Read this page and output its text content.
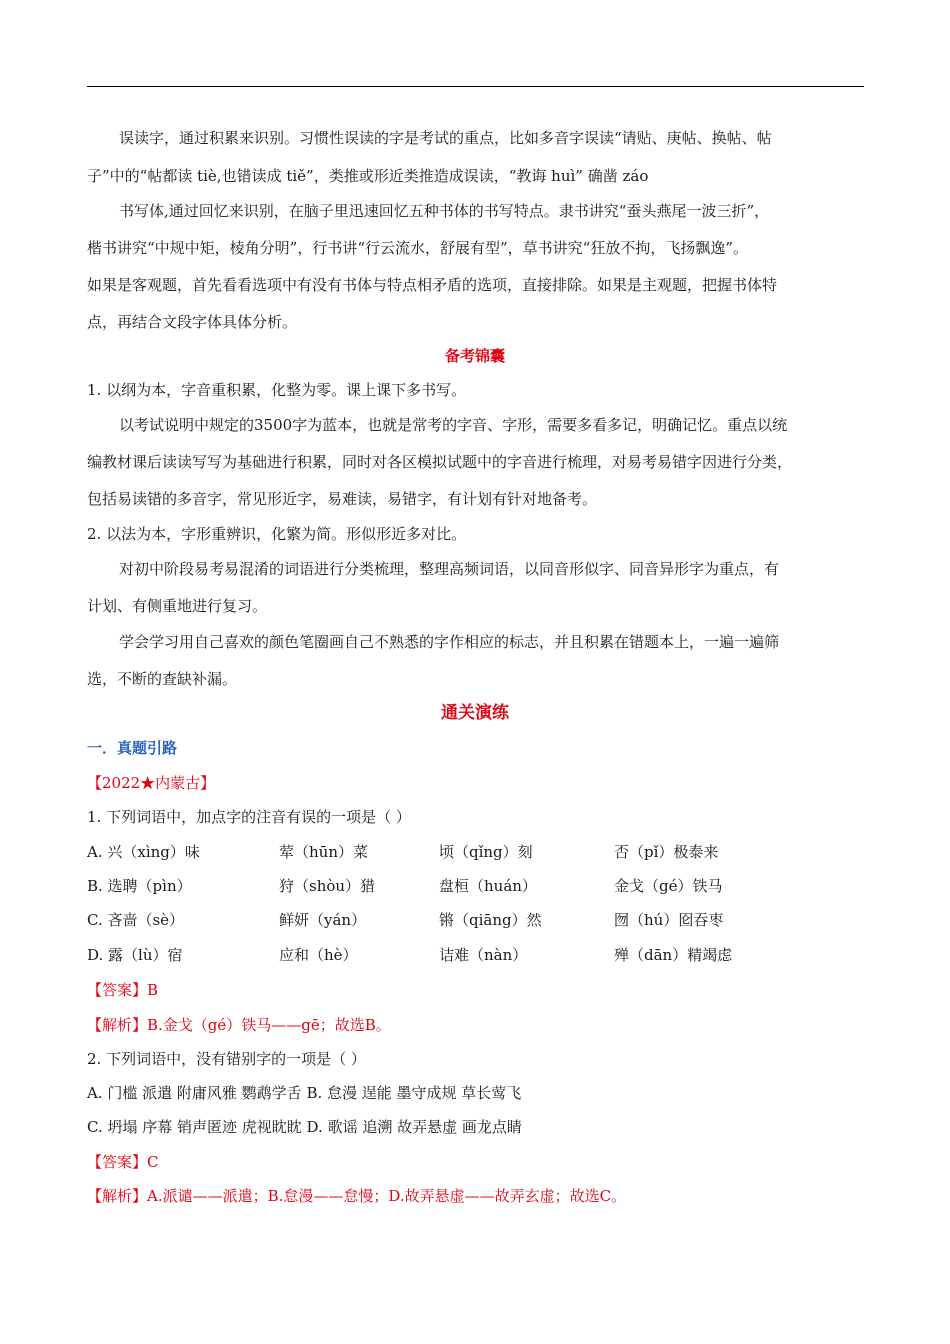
误读字，通过积累来识别。习惯性误读的字是考试的重点，比如多音字误读“请贴、庚帖、换帖、帖
子”中的“帖都读 tiè,也错读成 tiě”，类推或形近类推造成误读，“教诲 huì” 确凿 záo
书写体,通过回忆来识别，在脑子里迅速回忆五种书体的书写特点。隶书讲究“蚕头燕尾一波三折”，
楷书讲究“中规中矩，棱角分明”，行书讲“行云流水，舒展有型”，草书讲究“狂放不拘，飞扬飘逸”。
如果是客观题，首先看看选项中有没有书体与特点相矛盾的选项，直接排除。如果是主观题，把握书体特
点，再结合文段字体具体分析。
备考锦囊
1. 以纲为本，字音重积累，化整为零。课上课下多书写。
以考试说明中规定的3500字为蓝本，也就是常考的字音、字形，需要多看多记，明确记忆。重点以统
编教材课后读读写写为基础进行积累，同时对各区模拟试题中的字音进行梳理，对易考易错字因进行分类，
包括易读错的多音字，常见形近字，易难读，易错字，有计划有针对地备考。
2. 以法为本，字形重辨识，化繁为简。形似形近多对比。
对初中阶段易考易混淆的词语进行分类梳理，整理高频词语，以同音形似字、同音异形字为重点，有
计划、有侧重地进行复习。
学会学习用自己喜欢的颜色笔圈画自己不熟悉的字作相应的标志，并且积累在错题本上，一遍一遍筛
选，不断的查缺补漏。
通关演练
一．真题引路
【2022★内蒙古】
1. 下列词语中，加点字的注音有误的一项是（ ）
A. 兴（xìng）味	荤（hūn）菜	顷（qǐng）刻	否（pǐ）极泰来
B. 选聘（pìn）	狩（shòu）猎	盘桓（huán）	金戈（gé）铁马
C. 吝啬（sè）	鲜妍（yán）	锵（qiāng）然	囫（hú）囵吞枣
D. 露（lù）宿	应和（hè）	诘难（nàn）	殚（dān）精竭虑
【答案】B
【解析】B.金戈（gé）铁马——gē；故选B。
2. 下列词语中，没有错别字的一项是（ ）
A. 门槛 派遣 附庸风雅 鹦鹉学舌 B. 怠漫 逞能 墨守成规 草长莺飞
C. 坍塌 序幕 销声匿迹 虎视眈眈 D. 歌谣 追溯 故弄悬虚 画龙点睛
【答案】C
【解析】A.派谴——派遣；B.怠漫——怠慢；D.故弄悬虚——故弄玄虚；故选C。
